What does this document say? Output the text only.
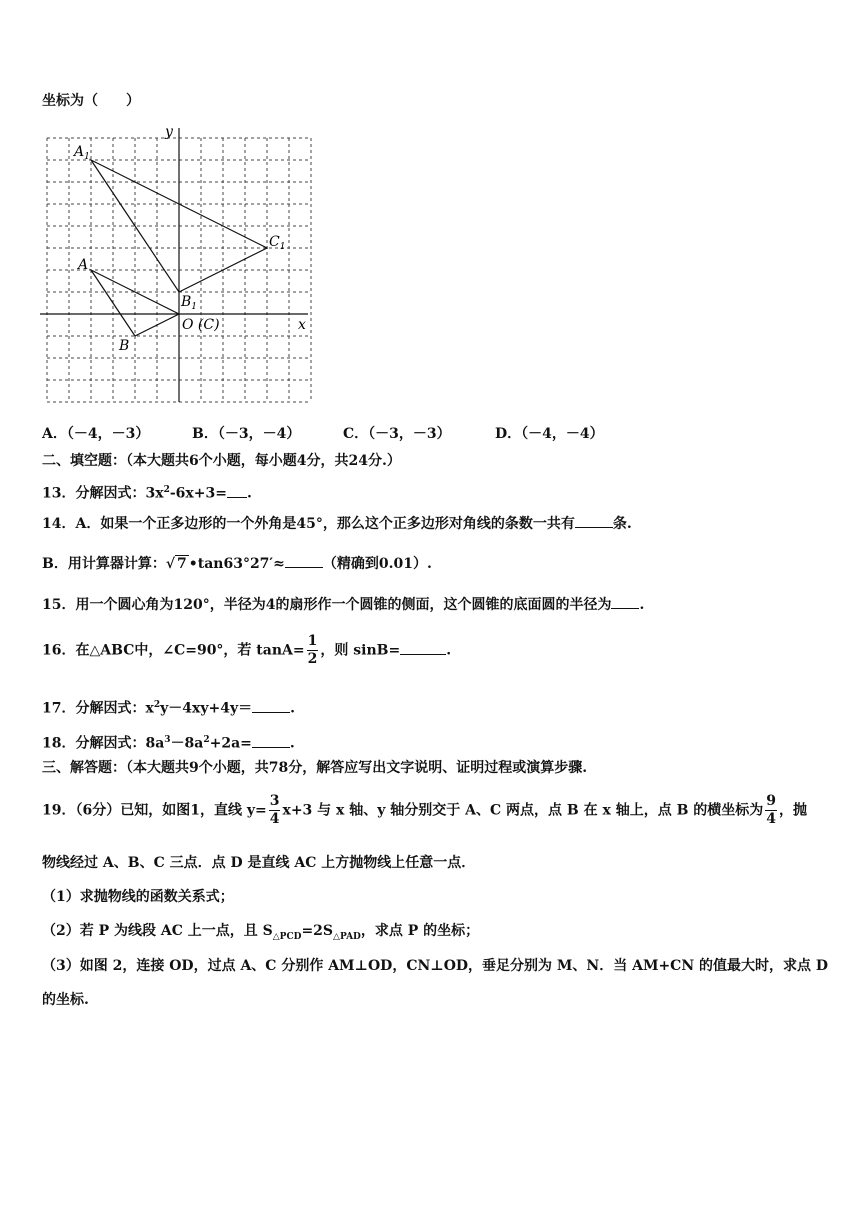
坐标为（　　）
$A_1$
$C_1$
A
$B_1$
B
O (C)	x
y
A．（－4，－3）	B．（－3，－4）	C．（－3，－3）	D．（－4，－4）
二、填空题：（本大题共6个小题，每小题4分，共24分.）
13．分解因式：$3x^2-6x+3=$ .
14．A．如果一个正多边形的一个外角是45°，那么这个正多边形对角线的条数一共有	条.
B．用计算器计算：√ 7 •tan63°27′≈	（精确到0.01）.
15．用一个圆心角为120°，半径为4的扇形作一个圆锥的侧面，这个圆锥的底面圆的半径为 .
16．在△ABC中，∠C=90°，若 $\tan A= \frac{1}{2}$ ，则 sinB=	.
17．分解因式：$x^2y-4xy+4y=$	.
18．分解因式：$8a^3-8a^2+2a=$	.
三、解答题：（本大题共9个小题，共78分，解答应写出文字说明、证明过程或演算步骤.
19．（6分）已知，如图1，直线 $y= \frac{3}{4} x+3$ 与 x 轴、y 轴分别交于 A、C 两点，点 B 在 x 轴上，点 B 的横坐标为 $\frac{9}{4}$ ，抛
物线经过 A、B、C 三点．点 D 是直线 AC 上方抛物线上任意一点．
（1）求抛物线的函数关系式；
（2）若 P 为线段 AC 上一点，且 $S_{\triangle PCD}=2S_{\triangle PAD}$，求点 P 的坐标；
（3）如图 2，连接 OD，过点 A、C 分别作 AM⊥OD，CN⊥OD，垂足分别为 M、N．当 AM+CN 的值最大时，求点 D
的坐标.
